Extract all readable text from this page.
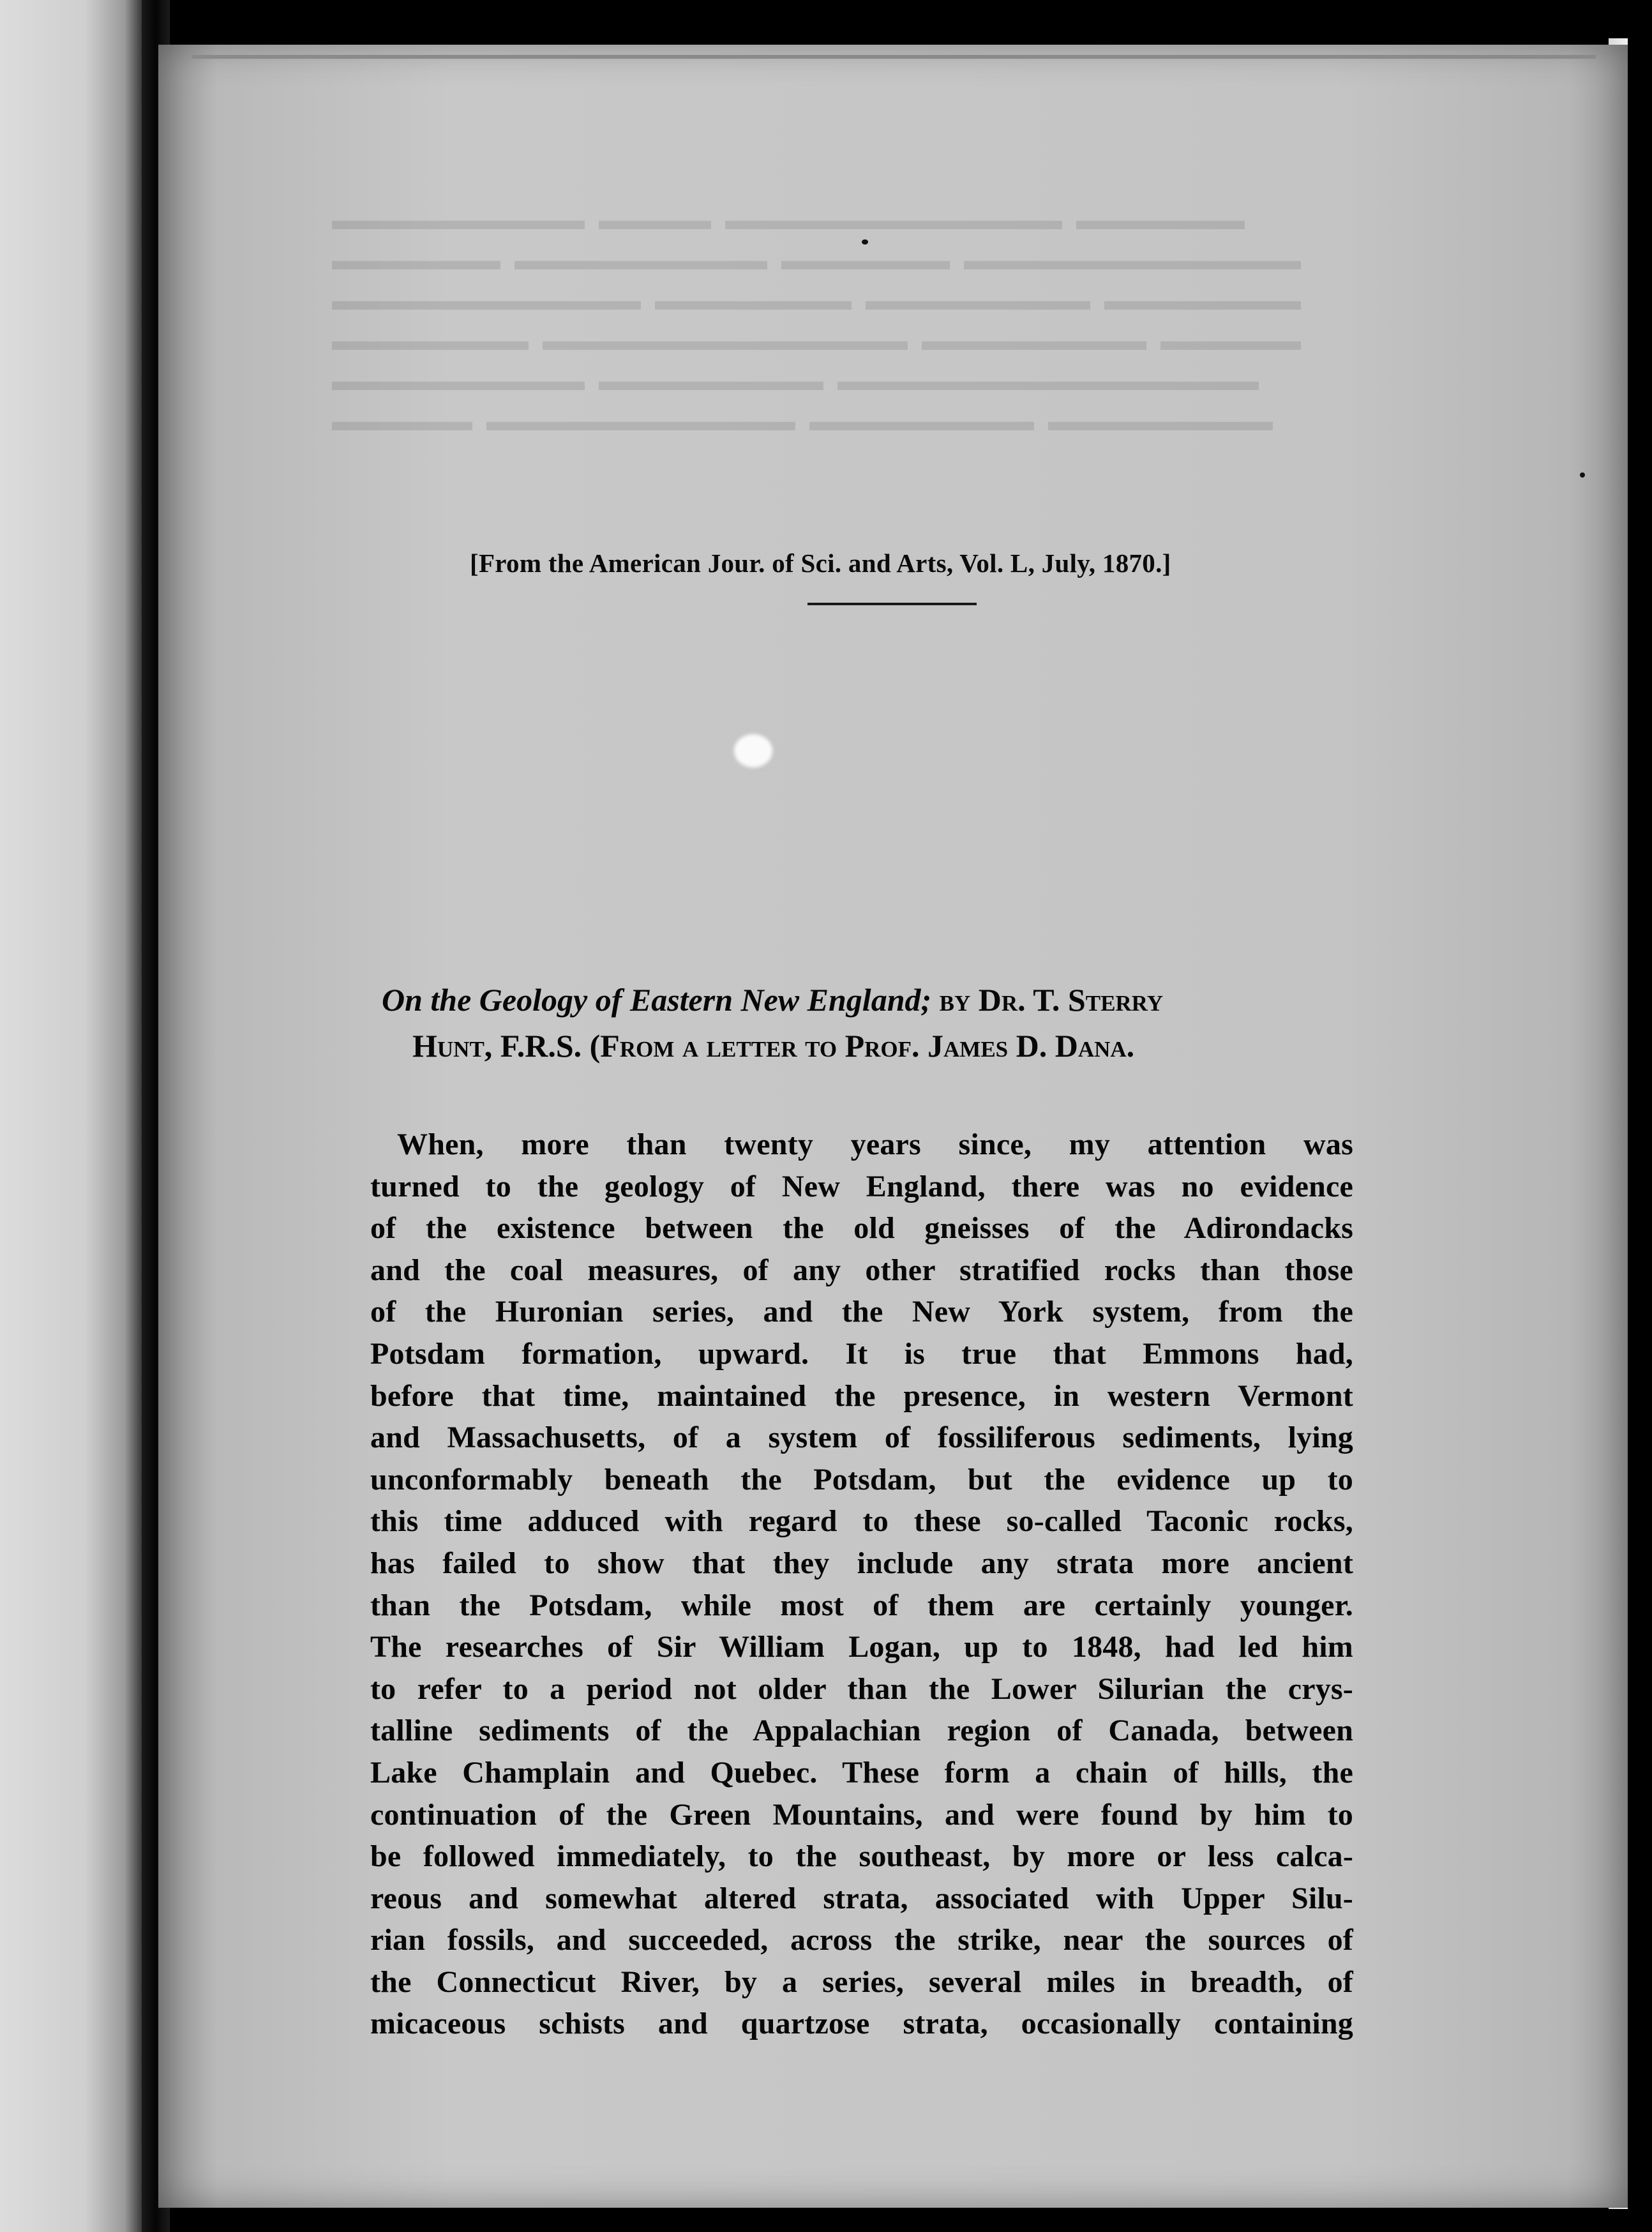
[From the American Jour. of Sci. and Arts, Vol. L, July, 1870.]
On the Geology of Eastern New England; by Dr. T. Sterry
Hunt, F.R.S. (From a letter to Prof. James D. Dana.
When, more than twenty years since, my attention was
turned to the geology of New England, there was no evidence
of the existence between the old gneisses of the Adirondacks
and the coal measures, of any other stratified rocks than those
of the Huronian series, and the New York system, from the
Potsdam formation, upward. It is true that Emmons had,
before that time, maintained the presence, in western Vermont
and Massachusetts, of a system of fossiliferous sediments, lying
unconformably beneath the Potsdam, but the evidence up to
this time adduced with regard to these so-called Taconic rocks,
has failed to show that they include any strata more ancient
than the Potsdam, while most of them are certainly younger.
The researches of Sir William Logan, up to 1848, had led him
to refer to a period not older than the Lower Silurian the crys-
talline sediments of the Appalachian region of Canada, between
Lake Champlain and Quebec. These form a chain of hills, the
continuation of the Green Mountains, and were found by him to
be followed immediately, to the southeast, by more or less calca-
reous and somewhat altered strata, associated with Upper Silu-
rian fossils, and succeeded, across the strike, near the sources of
the Connecticut River, by a series, several miles in breadth, of
micaceous schists and quartzose strata, occasionally containing
